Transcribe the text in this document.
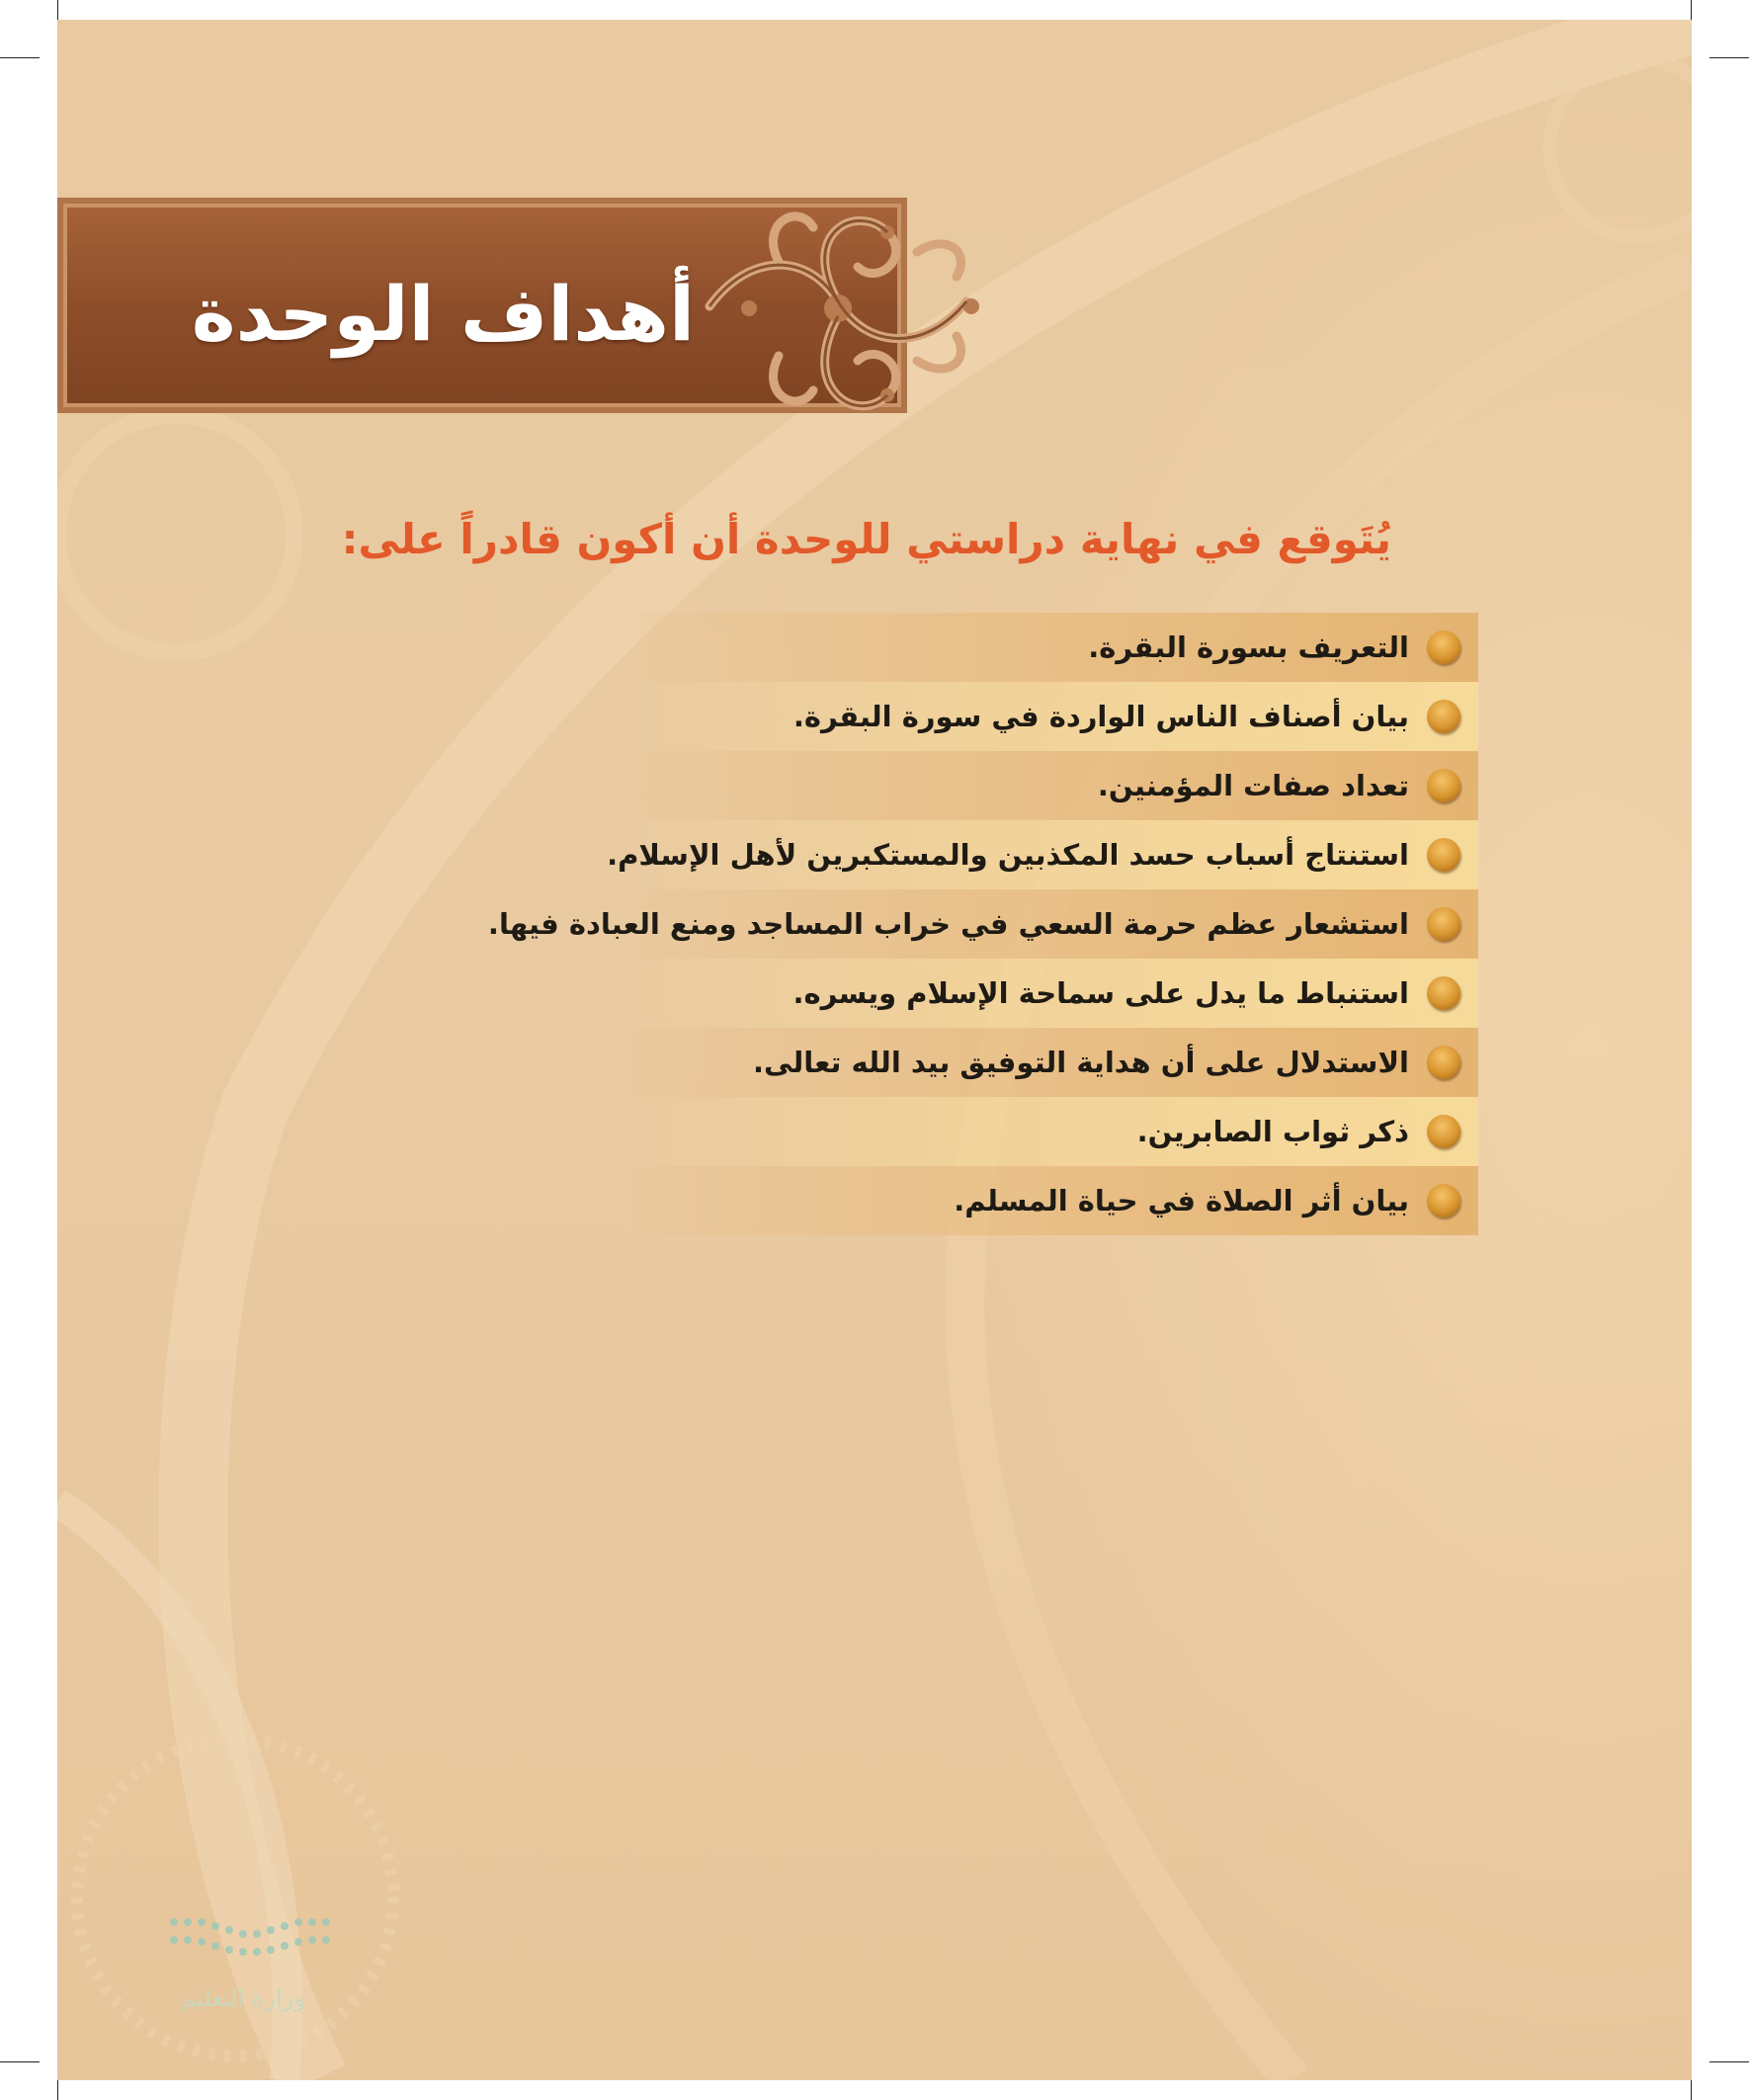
أهداف الوحدة
يُتَوقع في نهاية دراستي للوحدة أن أكون قادراً على:
التعريف بسورة البقرة.
بيان أصناف الناس الواردة في سورة البقرة.
تعداد صفات المؤمنين.
استنتاج أسباب حسد المكذبين والمستكبرين لأهل الإسلام.
استشعار عظم حرمة السعي في خراب المساجد ومنع العبادة فيها.
استنباط ما يدل على سماحة الإسلام ويسره.
الاستدلال على أن هداية التوفيق بيد الله تعالى.
ذكر ثواب الصابرين.
بيان أثر الصلاة في حياة المسلم.
وزارة التعليم
